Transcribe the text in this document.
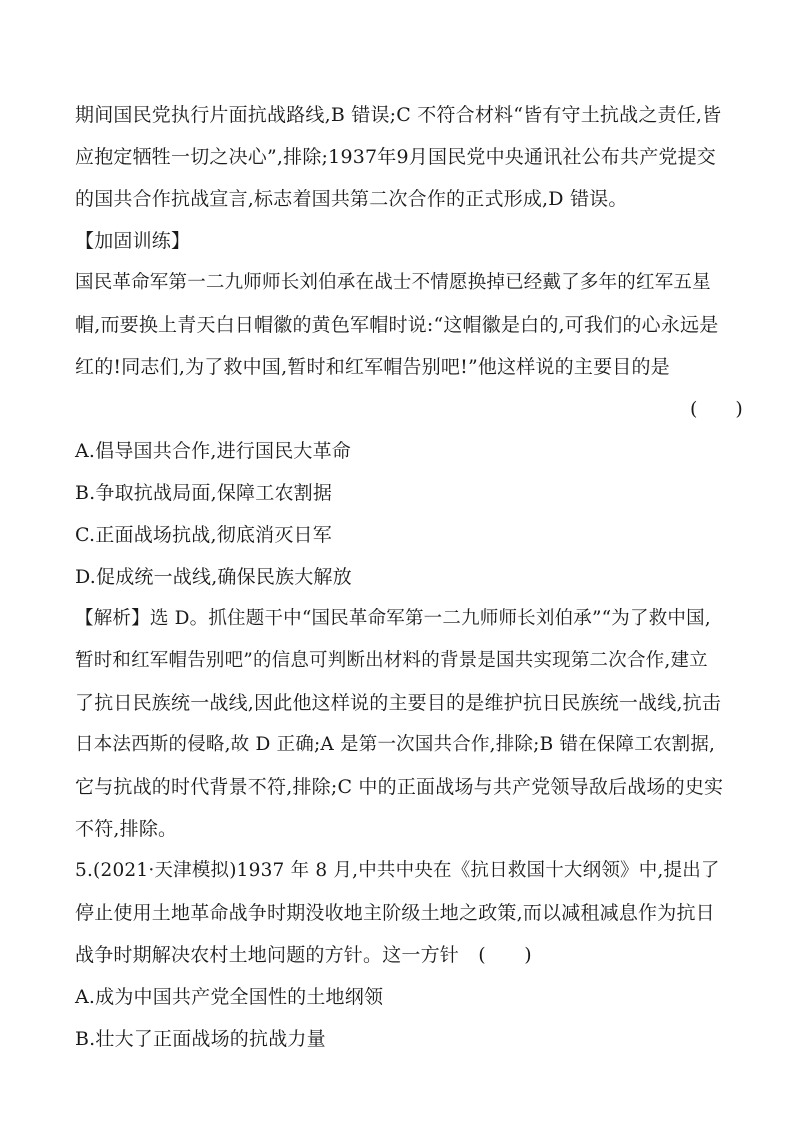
期间国民党执行片面抗战路线,B 错误;C 不符合材料“皆有守土抗战之责任,皆
应抱定牺牲一切之决心”,排除;1937年9月国民党中央通讯社公布共产党提交
的国共合作抗战宣言,标志着国共第二次合作的正式形成,D 错误。
【加固训练】
国民革命军第一二九师师长刘伯承在战士不情愿换掉已经戴了多年的红军五星
帽,而要换上青天白日帽徽的黄色军帽时说:“这帽徽是白的,可我们的心永远是
红的!同志们,为了救中国,暂时和红军帽告别吧!”他这样说的主要目的是
(　　)
A.倡导国共合作,进行国民大革命
B.争取抗战局面,保障工农割据
C.正面战场抗战,彻底消灭日军
D.促成统一战线,确保民族大解放
【解析】选 D。抓住题干中“国民革命军第一二九师师长刘伯承”“为了救中国,
暂时和红军帽告别吧”的信息可判断出材料的背景是国共实现第二次合作,建立
了抗日民族统一战线,因此他这样说的主要目的是维护抗日民族统一战线,抗击
日本法西斯的侵略,故 D 正确;A 是第一次国共合作,排除;B 错在保障工农割据,
它与抗战的时代背景不符,排除;C 中的正面战场与共产党领导敌后战场的史实
不符,排除。
5.(2021·天津模拟)1937 年 8 月,中共中央在《抗日救国十大纲领》中,提出了
停止使用土地革命战争时期没收地主阶级土地之政策,而以减租减息作为抗日
战争时期解决农村土地问题的方针。这一方针　(　　)
A.成为中国共产党全国性的土地纲领
B.壮大了正面战场的抗战力量
